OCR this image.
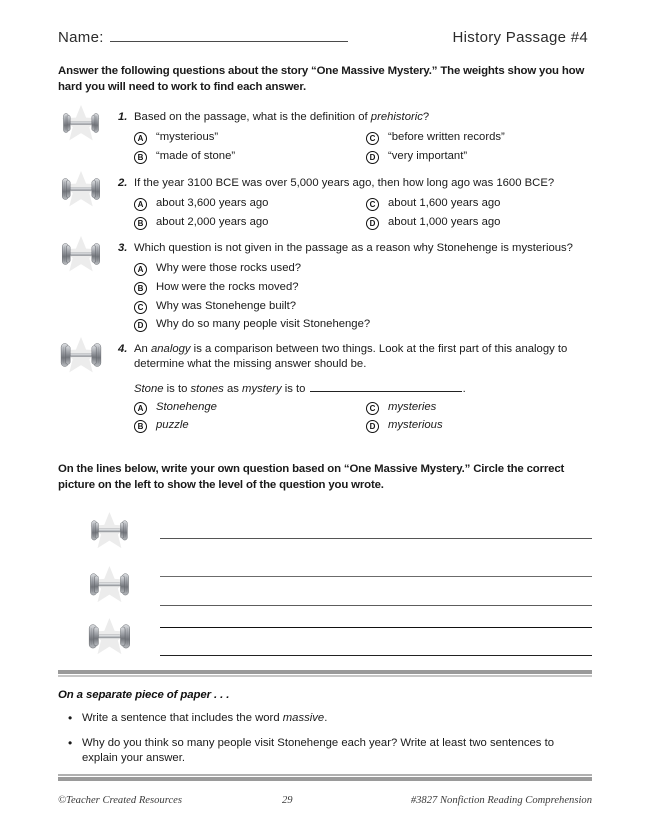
Name:	History Passage #4
Answer the following questions about the story “One Massive Mystery.” The weights show you how hard you will need to work to find each answer.
1. Based on the passage, what is the definition of prehistoric?
A	“mysterious”	C	“before written records”
B	“made of stone”	D	“very important”
2. If the year 3100 BCE was over 5,000 years ago, then how long ago was 1600 BCE?
A	about 3,600 years ago	C	about 1,600 years ago
B	about 2,000 years ago	D	about 1,000 years ago
3. Which question is not given in the passage as a reason why Stonehenge is mysterious?
A	Why were those rocks used?
B	How were the rocks moved?
C	Why was Stonehenge built?
D	Why do so many people visit Stonehenge?
4. An analogy is a comparison between two things. Look at the first part of this analogy to determine what the missing answer should be.
Stone is to stones as mystery is to	.
A	Stonehenge	C	mysteries
B	puzzle	D	mysterious
On the lines below, write your own question based on “One Massive Mystery.” Circle the correct picture on the left to show the level of the question you wrote.
On a separate piece of paper . . .
• Write a sentence that includes the word massive.
• Why do you think so many people visit Stonehenge each year? Write at least two sentences to explain your answer.
©Teacher Created Resources	29	#3827 Nonfiction Reading Comprehension
